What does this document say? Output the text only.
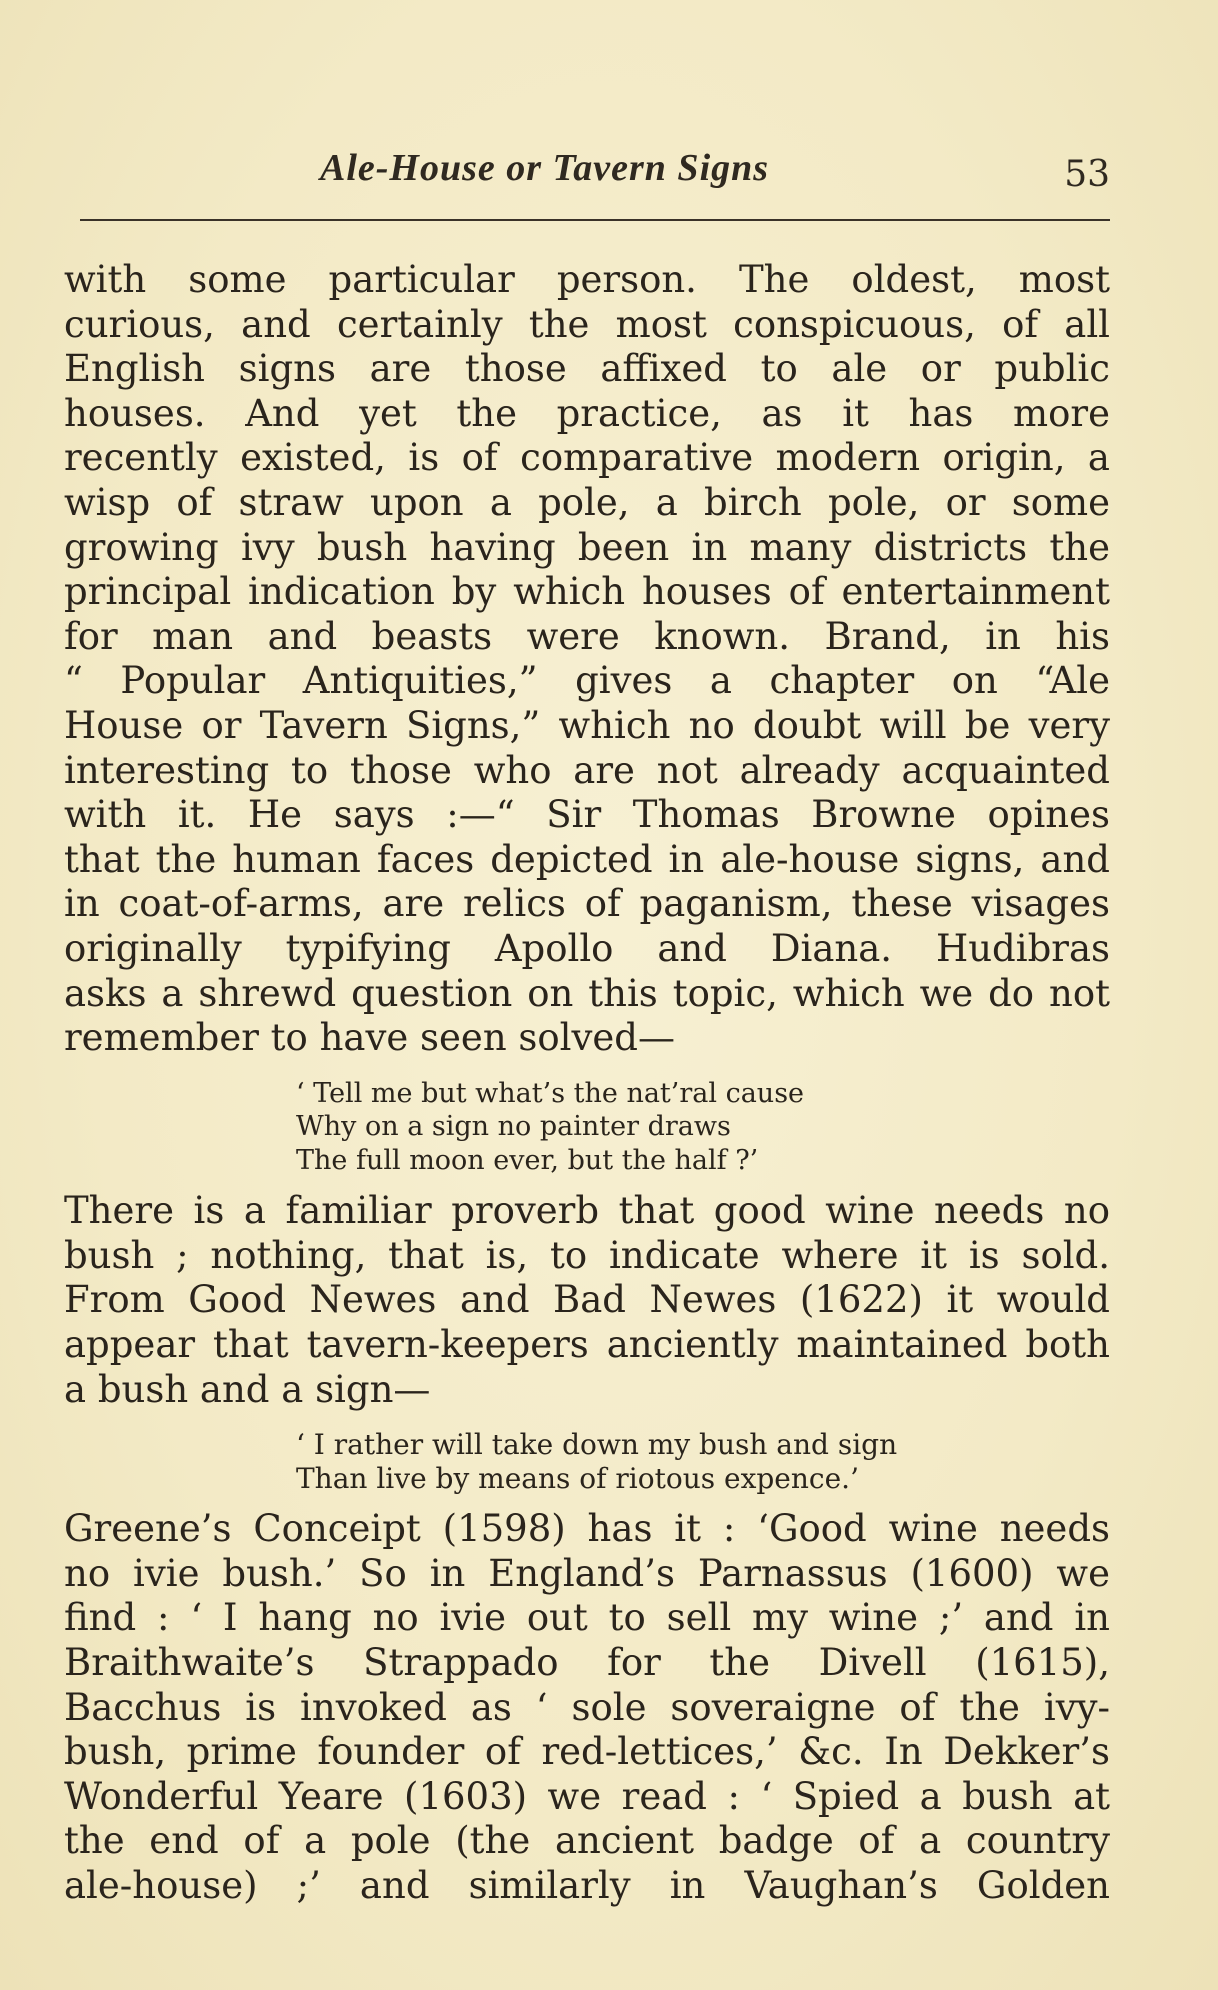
Ale-House or Tavern Signs	53
with some particular person. The oldest, most
curious, and certainly the most conspicuous, of all
English signs are those affixed to ale or public
houses. And yet the practice, as it has more
recently existed, is of comparative modern origin, a
wisp of straw upon a pole, a birch pole, or some
growing ivy bush having been in many districts the
principal indication by which houses of entertainment
for man and beasts were known. Brand, in his
“ Popular Antiquities,” gives a chapter on “Ale
House or Tavern Signs,” which no doubt will be very
interesting to those who are not already acquainted
with it. He says :—“ Sir Thomas Browne opines
that the human faces depicted in ale-house signs, and
in coat-of-arms, are relics of paganism, these visages
originally typifying Apollo and Diana. Hudibras
asks a shrewd question on this topic, which we do not
remember to have seen solved—
‘ Tell me but what’s the nat’ral cause
Why on a sign no painter draws
The full moon ever, but the half ?’
There is a familiar proverb that good wine needs no
bush ; nothing, that is, to indicate where it is sold.
From Good Newes and Bad Newes (1622) it would
appear that tavern-keepers anciently maintained both
a bush and a sign—
‘ I rather will take down my bush and sign
Than live by means of riotous expence.’
Greene’s Conceipt (1598) has it : ‘Good wine needs
no ivie bush.’ So in England’s Parnassus (1600) we
find : ‘ I hang no ivie out to sell my wine ;’ and in
Braithwaite’s Strappado for the Divell (1615),
Bacchus is invoked as ‘ sole soveraigne of the ivy-
bush, prime founder of red-lettices,’ &c. In Dekker’s
Wonderful Yeare (1603) we read : ‘ Spied a bush at
the end of a pole (the ancient badge of a country
ale-house) ;’ and similarly in Vaughan’s Golden
